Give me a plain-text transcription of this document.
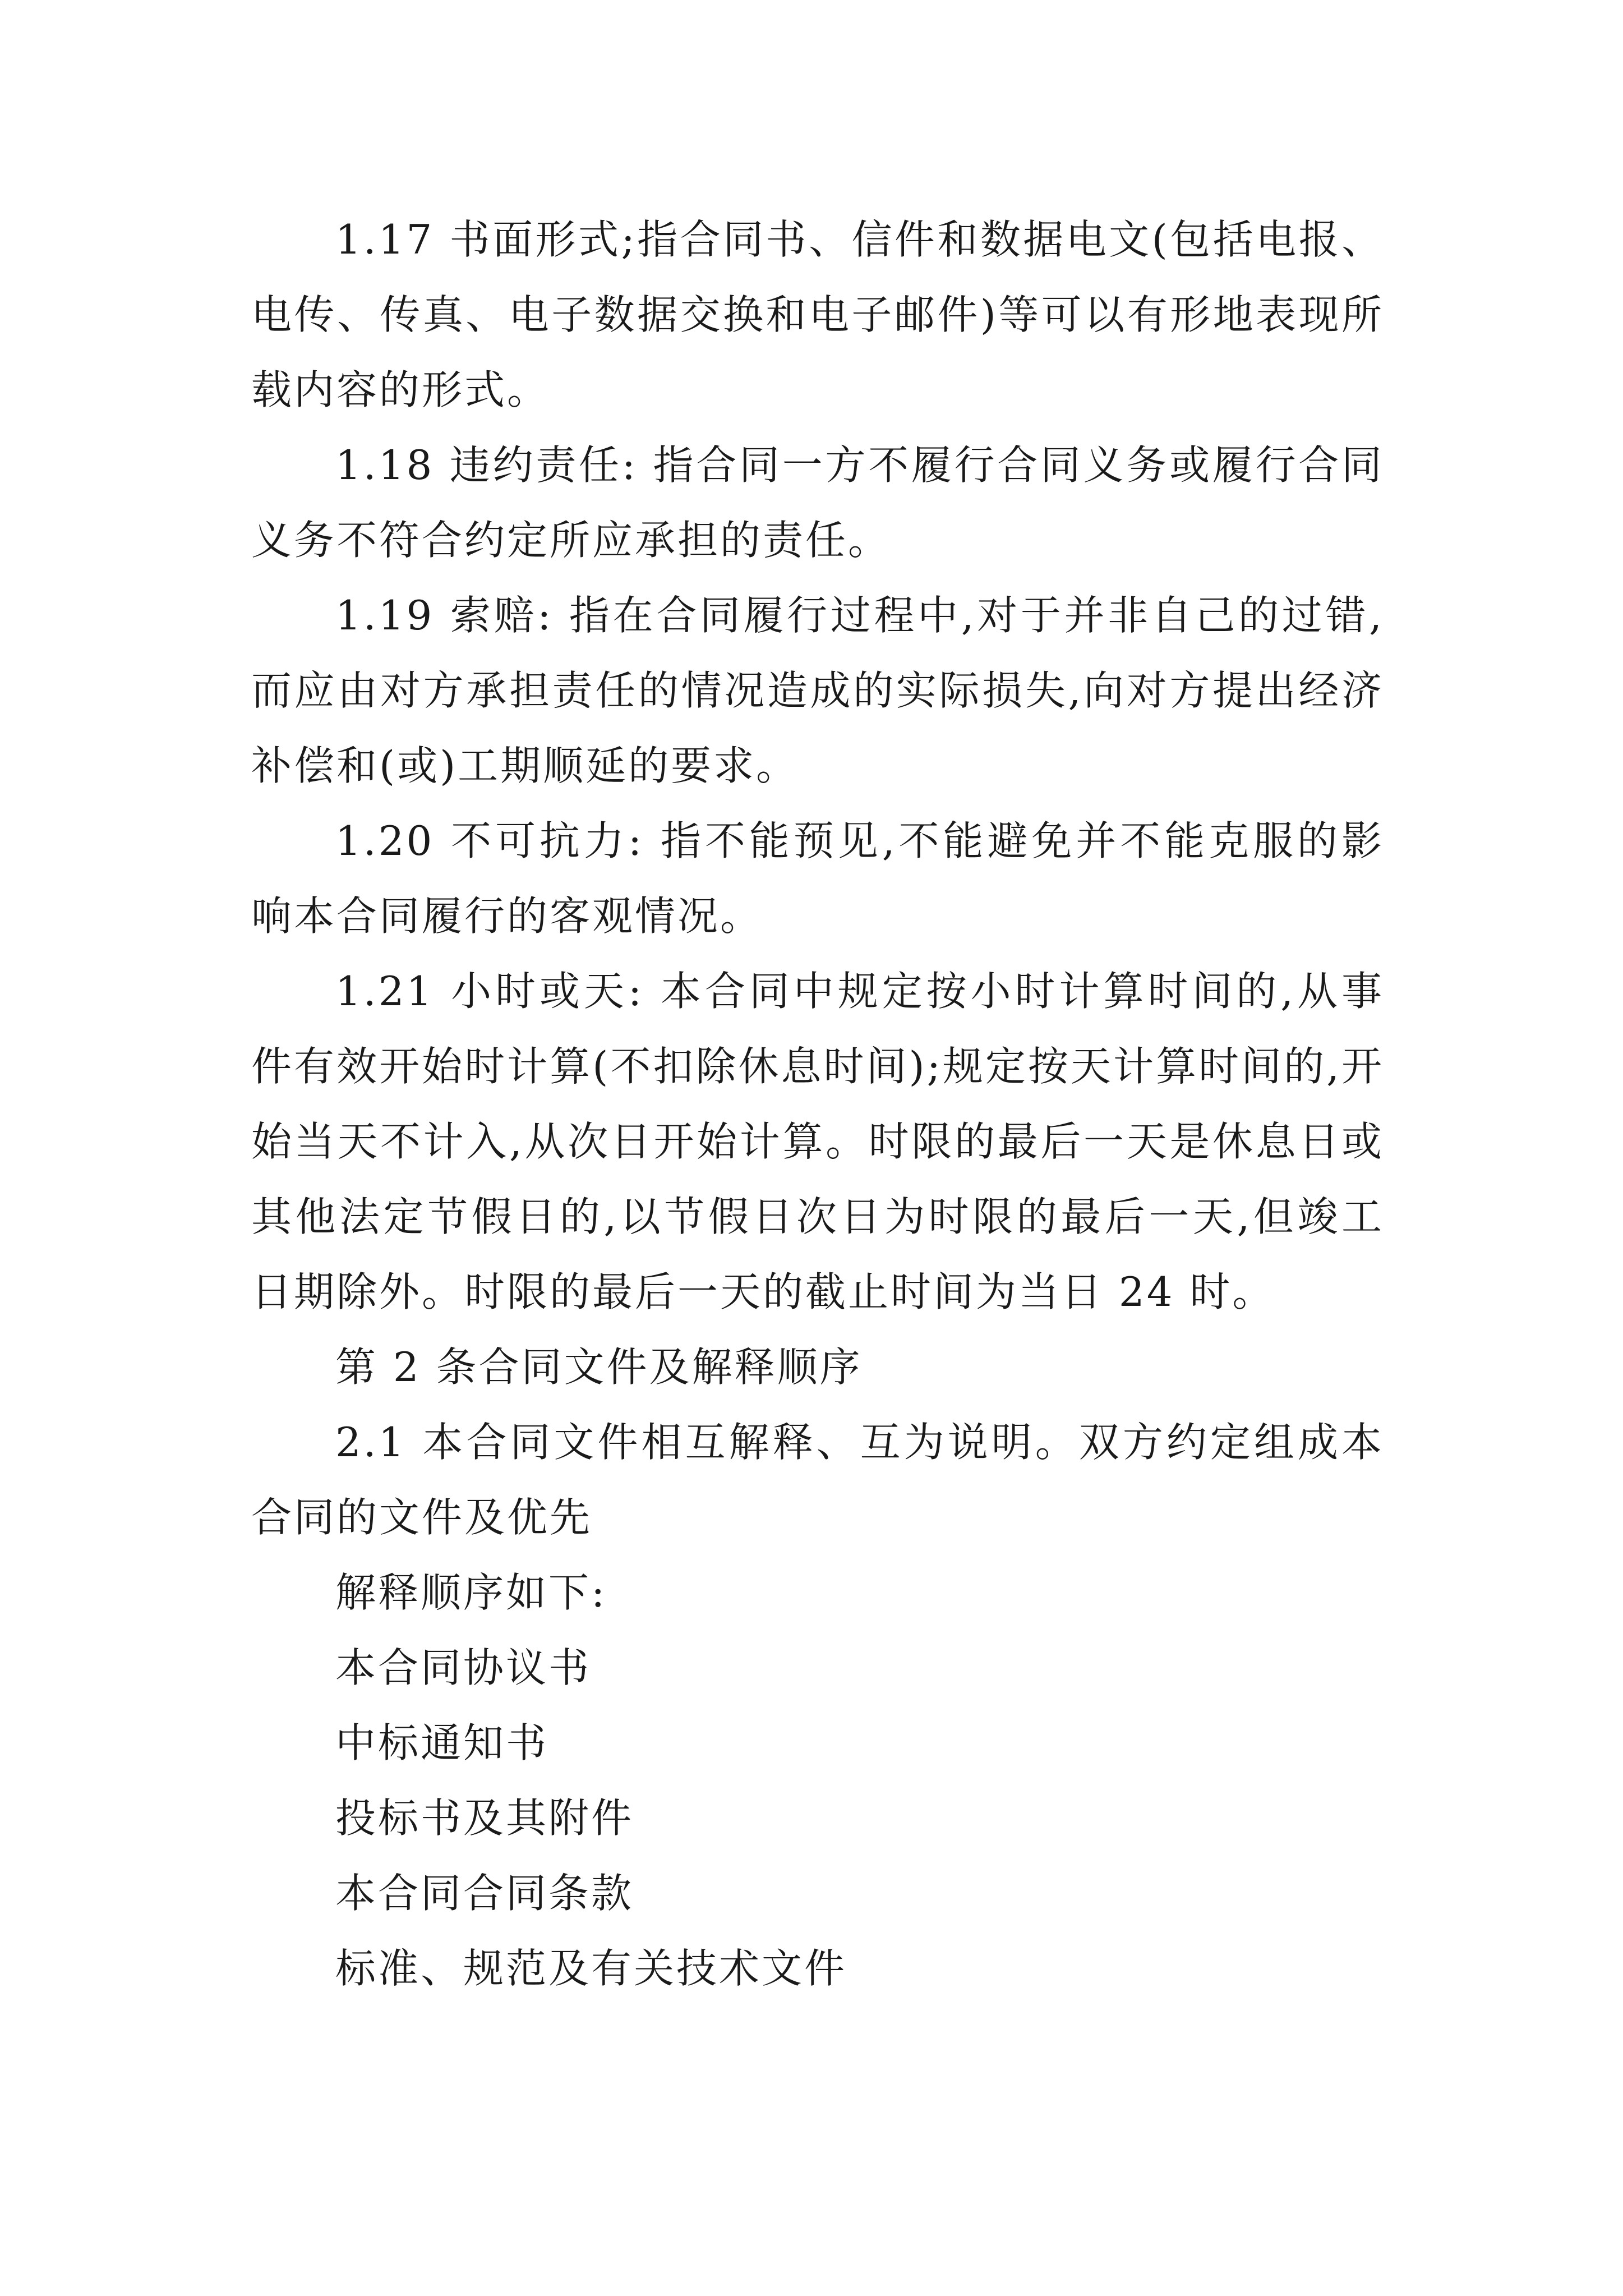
1.17 书面形式;指合同书、信件和数据电文(包括电报、电传、传真、电子数据交换和电子邮件)等可以有形地表现所载内容的形式。

1.18 违约责任: 指合同一方不履行合同义务或履行合同义务不符合约定所应承担的责任。

1.19 索赔: 指在合同履行过程中,对于并非自己的过错,而应由对方承担责任的情况造成的实际损失,向对方提出经济补偿和(或)工期顺延的要求。

1.20 不可抗力: 指不能预见,不能避免并不能克服的影响本合同履行的客观情况。

1.21 小时或天: 本合同中规定按小时计算时间的,从事件有效开始时计算(不扣除休息时间);规定按天计算时间的,开始当天不计入,从次日开始计算。时限的最后一天是休息日或其他法定节假日的,以节假日次日为时限的最后一天,但竣工日期除外。时限的最后一天的截止时间为当日 24 时。

第 2 条合同文件及解释顺序

2.1 本合同文件相互解释、互为说明。双方约定组成本合同的文件及优先

解释顺序如下:

本合同协议书

中标通知书

投标书及其附件

本合同合同条款

标准、规范及有关技术文件
